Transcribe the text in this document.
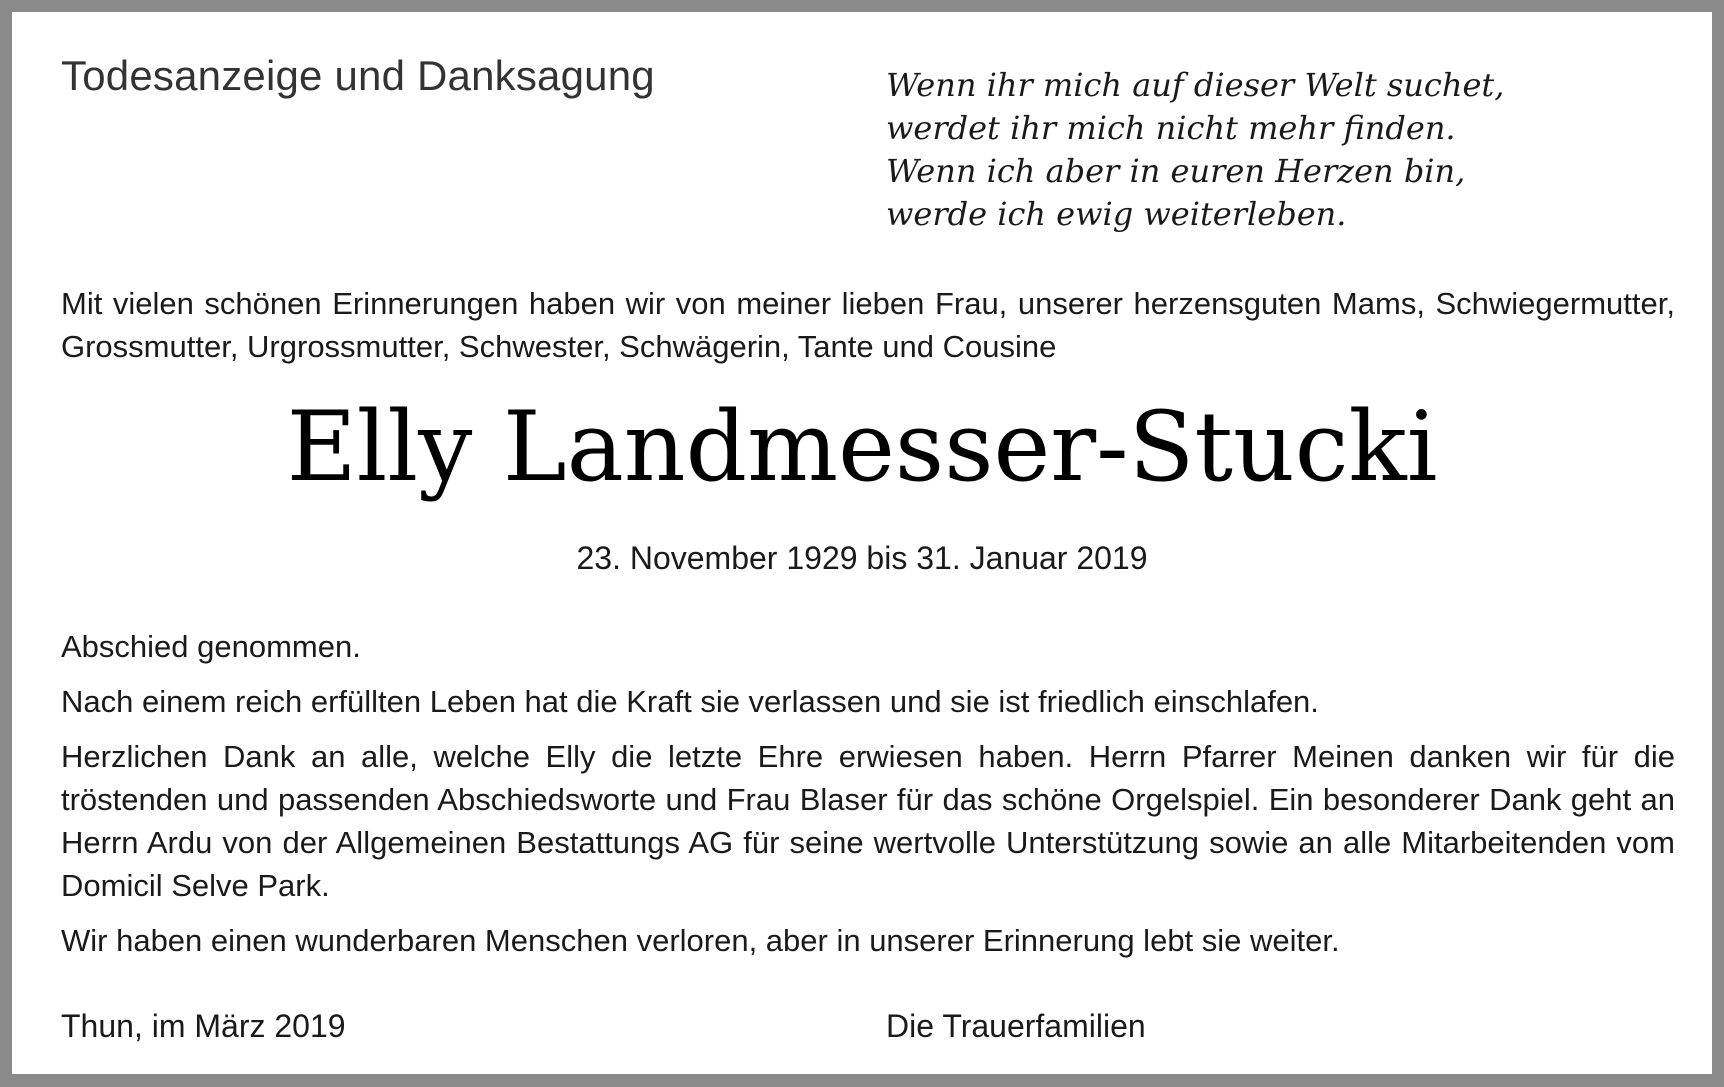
Todesanzeige und Danksagung	Wenn ihr mich auf dieser Welt suchet,
werdet ihr mich nicht mehr finden.
Wenn ich aber in euren Herzen bin,
werde ich ewig weiterleben.
Mit vielen schönen Erinnerungen haben wir von meiner lieben Frau, unserer herzensguten Mams, Schwiegermutter, Grossmutter, Urgrossmutter, Schwester, Schwägerin, Tante und Cousine
Elly Landmesser-Stucki
23. November 1929 bis 31. Januar 2019

Abschied genommen.

Nach einem reich erfüllten Leben hat die Kraft sie verlassen und sie ist friedlich einschlafen.

Herzlichen Dank an alle, welche Elly die letzte Ehre erwiesen haben. Herrn Pfarrer Meinen danken wir für die tröstenden und passenden Abschiedsworte und Frau Blaser für das schöne Orgelspiel. Ein besonderer Dank geht an Herrn Ardu von der Allgemeinen Bestattungs AG für seine wertvolle Unterstützung sowie an alle Mitarbeitenden vom Domicil Selve Park.

Wir haben einen wunderbaren Menschen verloren, aber in unserer Erinnerung lebt sie weiter.

Thun, im März 2019	Die Trauerfamilien
